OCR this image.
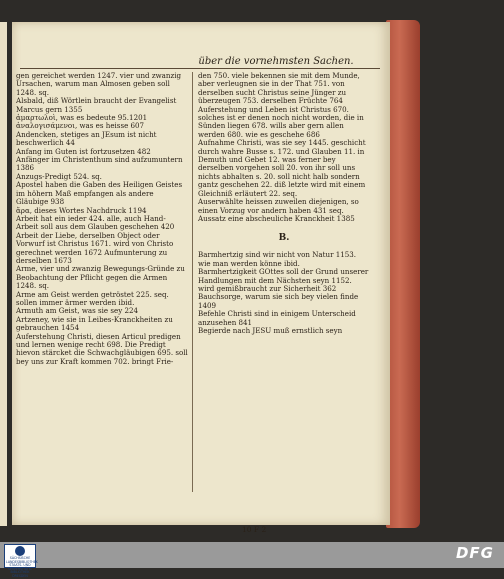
über die vornehmsten Sachen.

gen gereichet werden 1247. vier und zwanzig Ursachen, warum man Almosen geben soll 1248. sq.

Alsbald, diß Wörtlein braucht der Evangelist Marcus gern 1355

ἀμαρτωλοὶ, was es bedeute 95.1201

ἀναλογισάμενοι, was es heisse 607

Andencken, stetiges an JEsum ist nicht beschwerlich 44

Anfang im Guten ist fortzusetzen 482

Anfänger im Christenthum sind aufzumuntern 1386

Anzugs-Predigt 524. sq.

Apostel haben die Gaben des Heiligen Geistes im höhern Maß empfangen als andere Gläubige 938

ἄρα, dieses Wortes Nachdruck 1194

Arbeit hat ein ieder 424. alle, auch Hand-Arbeit soll aus dem Glauben geschehen 420

Arbeit der Liebe, derselben Object oder Vorwurf ist Christus 1671. wird von Christo gerechnet werden 1672 Aufmunterung zu derselben 1673

Arme, vier und zwanzig Bewegungs-Gründe zu Beobachtung der Pflicht gegen die Armen 1248. sq.

Arme am Geist werden getröstet 225. seq. sollen immer ärmer werden ibid.

Armuth am Geist, was sie sey 224

Artzeney, wie sie in Leibes-Kranckheiten zu gebrauchen 1454

Auferstehung Christi, diesen Articul predigen und lernen wenige recht 698. Die Predigt hievon stärcket die Schwachgläubigen 695. soll bey uns zur Kraft kommen 702. bringt Frie-

den 750. viele bekennen sie mit dem Munde, aber verleugnen sie in der That 751. von derselben sucht Christus seine Jünger zu überzeugen 753. derselben Früchte 764

Auferstehung und Leben ist Christus 670. solches ist er denen noch nicht worden, die in Sünden liegen 678. wills aber gern allen werden 680. wie es geschehe 686

Aufnahme Christi, was sie sey 1445. geschicht durch wahre Busse s. 172. und Glauben 11. in Demuth und Gebet 12. was ferner bey derselben vorgehen soll 20. von ihr soll uns nichts abhalten s. 20. soll nicht halb sondern gantz geschehen 22. diß letzte wird mit einem Gleichniß erläutert 22. seq.

Auserwählte heissen zuweilen diejenigen, so einen Vorzug vor andern haben 431 seq.

Aussatz eine abscheuliche Kranckheit 1385

B.

Barmhertzig sind wir nicht von Natur 1153. wie man werden könne ibid.

Barmhertzigkeit GOttes soll der Grund unserer Handlungen mit dem Nächsten seyn 1152. wird gemißbraucht zur Sicherheit 362

Bauchsorge, warum sie sich bey vielen finde 1409

Befehle Christi sind in einigem Unterscheid anzusehen 841

Begierde nach JESU muß ernstlich seyn

10 F 2
SÄCHSISCHE LANDESBIBLIOTHEK STAATS- UND UNIVERSITÄTS- BIBLIOTHEK DRESDEN
DFG
